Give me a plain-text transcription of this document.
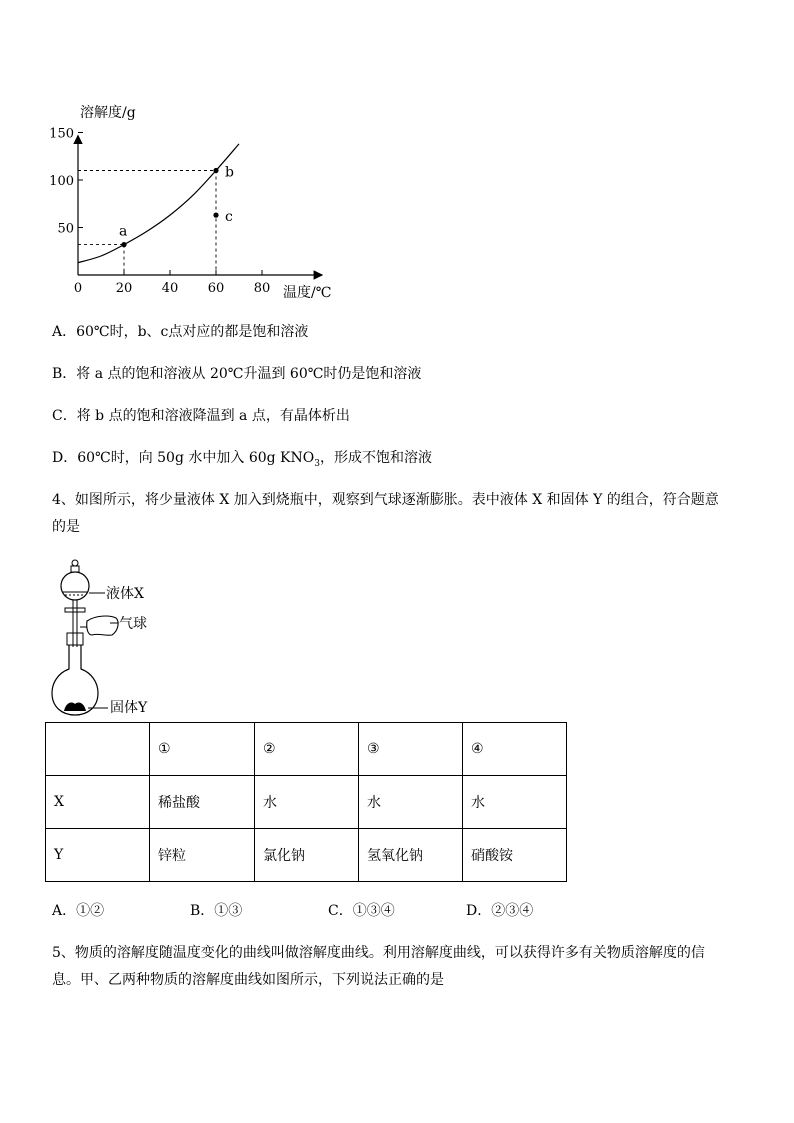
0	20 40 60 80
50
100
150
a
b
c
溶解度/g
温度/℃
A．60℃时，b、c点对应的都是饱和溶液
B．将 a 点的饱和溶液从 20℃升温到 60℃时仍是饱和溶液
C．将 b 点的饱和溶液降温到 a 点，有晶体析出
D．60℃时，向 50g 水中加入 60g $KNO_3$，形成不饱和溶液
4、如图所示，将少量液体 X 加入到烧瓶中，观察到气球逐渐膨胀。表中液体 X 和固体 Y 的组合，符合题意
的是
液体X
气球
固体Y
	①	②	③	④
X	稀盐酸	水	水	水
Y	锌粒	氯化钠	氢氧化钠	硝酸铵
A．①②	B．①③	C．①③④	D．②③④
5、物质的溶解度随温度变化的曲线叫做溶解度曲线。利用溶解度曲线，可以获得许多有关物质溶解度的信
息。甲、乙两种物质的溶解度曲线如图所示，下列说法正确的是
